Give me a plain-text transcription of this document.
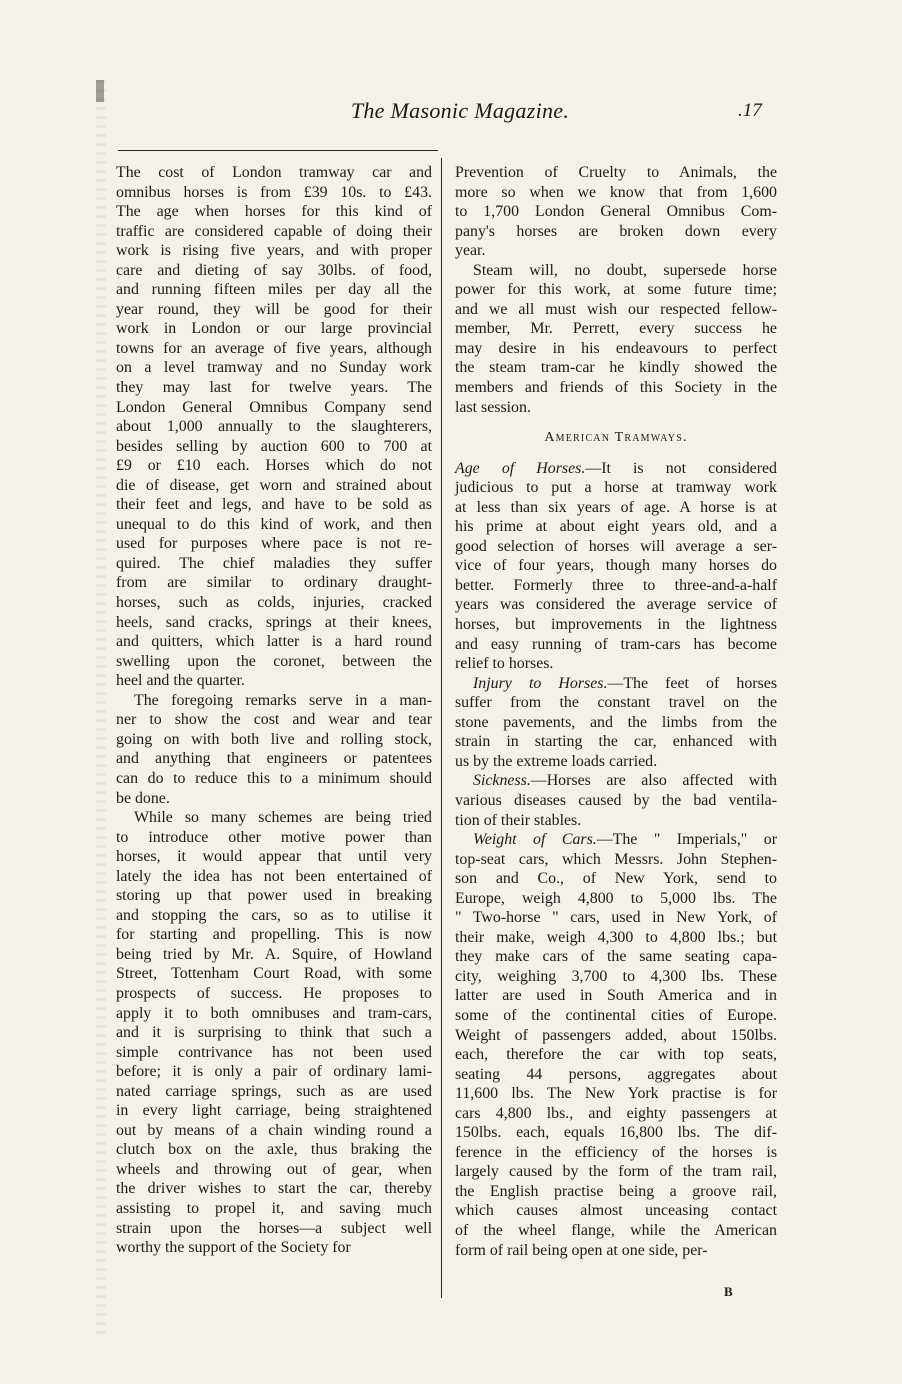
The Masonic Magazine.	.17
The cost of London tramway car and
omnibus horses is from £39 10s. to £43.
The age when horses for this kind of
traffic are considered capable of doing their
work is rising five years, and with proper
care and dieting of say 30lbs. of food,
and running fifteen miles per day all the
year round, they will be good for their
work in London or our large provincial
towns for an average of five years, although
on a level tramway and no Sunday work
they may last for twelve years. The
London General Omnibus Company send
about 1,000 annually to the slaughterers,
besides selling by auction 600 to 700 at
£9 or £10 each. Horses which do not
die of disease, get worn and strained about
their feet and legs, and have to be sold as
unequal to do this kind of work, and then
used for purposes where pace is not re-
quired. The chief maladies they suffer
from are similar to ordinary draught-
horses, such as colds, injuries, cracked
heels, sand cracks, springs at their knees,
and quitters, which latter is a hard round
swelling upon the coronet, between the
heel and the quarter.
The foregoing remarks serve in a man-
ner to show the cost and wear and tear
going on with both live and rolling stock,
and anything that engineers or patentees
can do to reduce this to a minimum should
be done.
While so many schemes are being tried
to introduce other motive power than
horses, it would appear that until very
lately the idea has not been entertained of
storing up that power used in breaking
and stopping the cars, so as to utilise it
for starting and propelling. This is now
being tried by Mr. A. Squire, of Howland
Street, Tottenham Court Road, with some
prospects of success. He proposes to
apply it to both omnibuses and tram-cars,
and it is surprising to think that such a
simple contrivance has not been used
before; it is only a pair of ordinary lami-
nated carriage springs, such as are used
in every light carriage, being straightened
out by means of a chain winding round a
clutch box on the axle, thus braking the
wheels and throwing out of gear, when
the driver wishes to start the car, thereby
assisting to propel it, and saving much
strain upon the horses—a subject well
worthy the support of the Society for
Prevention of Cruelty to Animals, the
more so when we know that from 1,600
to 1,700 London General Omnibus Com-
pany's horses are broken down every
year.
Steam will, no doubt, supersede horse
power for this work, at some future time;
and we all must wish our respected fellow-
member, Mr. Perrett, every success he
may desire in his endeavours to perfect
the steam tram-car he kindly showed the
members and friends of this Society in the
last session.
American Tramways.
Age of Horses.—It is not considered
judicious to put a horse at tramway work
at less than six years of age. A horse is at
his prime at about eight years old, and a
good selection of horses will average a ser-
vice of four years, though many horses do
better. Formerly three to three-and-a-half
years was considered the average service of
horses, but improvements in the lightness
and easy running of tram-cars has become
relief to horses.
Injury to Horses.—The feet of horses
suffer from the constant travel on the
stone pavements, and the limbs from the
strain in starting the car, enhanced with
us by the extreme loads carried.
Sickness.—Horses are also affected with
various diseases caused by the bad ventila-
tion of their stables.
Weight of Cars.—The " Imperials," or
top-seat cars, which Messrs. John Stephen-
son and Co., of New York, send to
Europe, weigh 4,800 to 5,000 lbs. The
" Two-horse " cars, used in New York, of
their make, weigh 4,300 to 4,800 lbs.; but
they make cars of the same seating capa-
city, weighing 3,700 to 4,300 lbs. These
latter are used in South America and in
some of the continental cities of Europe.
Weight of passengers added, about 150lbs.
each, therefore the car with top seats,
seating 44 persons, aggregates about
11,600 lbs. The New York practise is for
cars 4,800 lbs., and eighty passengers at
150lbs. each, equals 16,800 lbs. The dif-
ference in the efficiency of the horses is
largely caused by the form of the tram rail,
the English practise being a groove rail,
which causes almost unceasing contact
of the wheel flange, while the American
form of rail being open at one side, per-
B
